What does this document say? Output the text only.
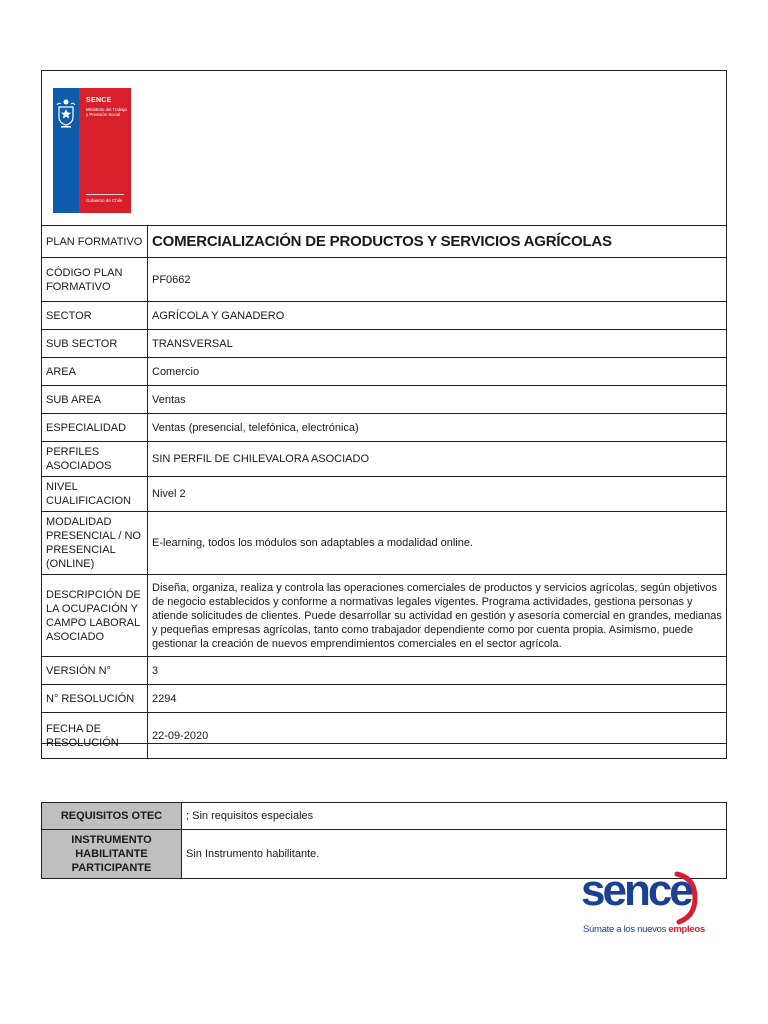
SENCE
Ministerio del Trabajo y Previsión Social
Gobierno de Chile
PLAN FORMATIVO	COMERCIALIZACIÓN DE PRODUCTOS Y SERVICIOS AGRÍCOLAS
CÓDIGO PLAN FORMATIVO	PF0662
SECTOR	AGRÍCOLA Y GANADERO
SUB SECTOR	TRANSVERSAL
AREA	Comercio
SUB AREA	Ventas
ESPECIALIDAD	Ventas (presencial, telefónica, electrónica)
PERFILES ASOCIADOS	SIN PERFIL DE CHILEVALORA ASOCIADO
NIVEL CUALIFICACION	Nivel 2
MODALIDAD PRESENCIAL / NO PRESENCIAL (ONLINE)	E-learning, todos los módulos son adaptables a modalidad online.
DESCRIPCIÓN DE LA OCUPACIÓN Y CAMPO LABORAL ASOCIADO	Diseña, organiza, realiza y controla las operaciones comerciales de productos y servicios agrícolas, según objetivos de negocio establecidos y conforme a normativas legales vigentes. Programa actividades, gestiona personas y atiende solicitudes de clientes. Puede desarrollar su actividad en gestión y asesoría comercial en grandes, medianas y pequeñas empresas agrícolas, tanto como trabajador dependiente como por cuenta propia. Asimismo, puede gestionar la creación de nuevos emprendimientos comerciales en el sector agrícola.
VERSIÓN N°	3
N° RESOLUCIÓN	2294
FECHA DE RESOLUCIÓN	22-09-2020
REQUISITOS OTEC	; Sin requisitos especiales
INSTRUMENTO HABILITANTE PARTICIPANTE	Sin Instrumento habilitante.
sence
Súmate a los nuevos empleos
